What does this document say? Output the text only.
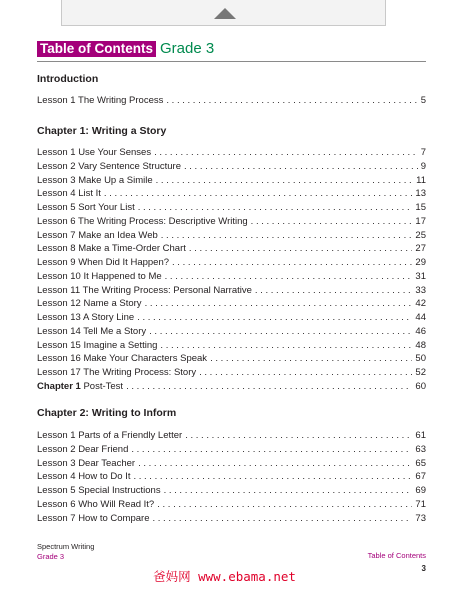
Table of Contents Grade 3
Introduction
Lesson 1 The Writing Process . . .	5
Chapter 1: Writing a Story
Lesson 1 Use Your Senses . . .	7
Lesson 2 Vary Sentence Structure . . .	9
Lesson 3 Make Up a Simile . . .	11
Lesson 4 List It . . .	13
Lesson 5 Sort Your List . . .	15
Lesson 6 The Writing Process: Descriptive Writing . . .	17
Lesson 7 Make an Idea Web . . .	25
Lesson 8 Make a Time-Order Chart . . .	27
Lesson 9 When Did It Happen? . . .	29
Lesson 10 It Happened to Me . . .	31
Lesson 11 The Writing Process: Personal Narrative . . .	33
Lesson 12 Name a Story . . .	42
Lesson 13 A Story Line . . .	44
Lesson 14 Tell Me a Story . . .	46
Lesson 15 Imagine a Setting . . .	48
Lesson 16 Make Your Characters Speak . . .	50
Lesson 17 The Writing Process: Story . . .	52
Chapter 1 Post-Test . . .	60
Chapter 2: Writing to Inform
Lesson 1 Parts of a Friendly Letter . . .	61
Lesson 2 Dear Friend . . .	63
Lesson 3 Dear Teacher . . .	65
Lesson 4 How to Do It . . .	67
Lesson 5 Special Instructions . . .	69
Lesson 6 Who Will Read It? . . .	71
Lesson 7 How to Compare . . .	73
Spectrum Writing
Grade 3	Table of Contents
3
爸妈网 www.ebama.net
